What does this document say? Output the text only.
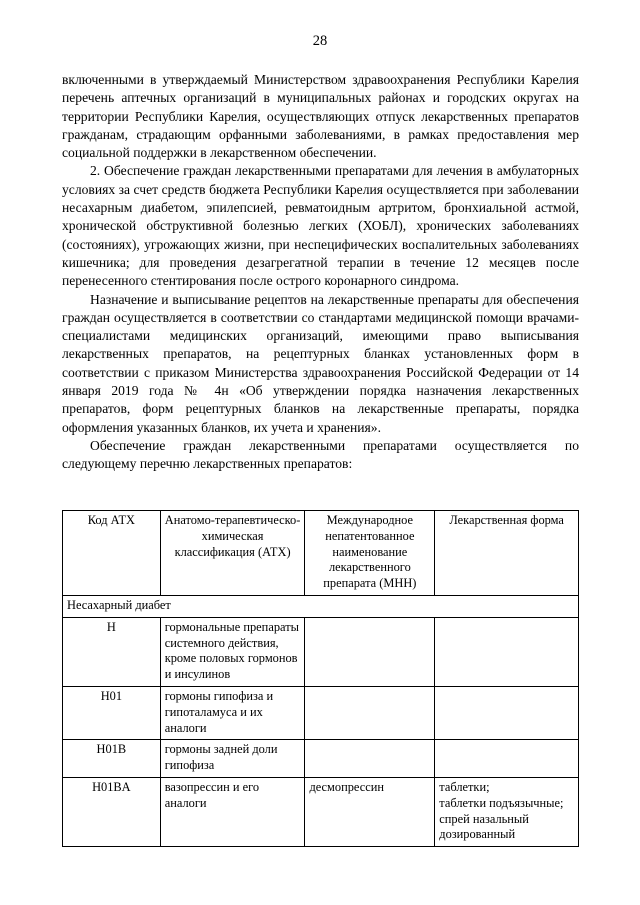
28

включенными в утверждаемый Министерством здравоохранения Республики Карелия перечень аптечных организаций в муниципальных районах и городских округах на территории Республики Карелия, осуществляющих отпуск лекарственных препаратов гражданам, страдающим орфанными заболеваниями, в рамках предоставления мер социальной поддержки в лекарственном обеспечении.

2. Обеспечение граждан лекарственными препаратами для лечения в амбулаторных условиях за счет средств бюджета Республики Карелия осуществляется при заболевании несахарным диабетом, эпилепсией, ревматоидным артритом, бронхиальной астмой, хронической обструктивной болезнью легких (ХОБЛ), хронических заболеваниях (состояниях), угрожающих жизни, при неспецифических воспалительных заболеваниях кишечника; для проведения дезагрегатной терапии в течение 12 месяцев после перенесенного стентирования после острого коронарного синдрома.

Назначение и выписывание рецептов на лекарственные препараты для обеспечения граждан осуществляется в соответствии со стандартами медицинской помощи врачами-специалистами медицинских организаций, имеющими право выписывания лекарственных препаратов, на рецептурных бланках установленных форм в соответствии с приказом Министерства здравоохранения Российской Федерации от 14 января 2019 года № 4н «Об утверждении порядка назначения лекарственных препаратов, форм рецептурных бланков на лекарственные препараты, порядка оформления указанных бланков, их учета и хранения».

Обеспечение граждан лекарственными препаратами осуществляется по следующему перечню лекарственных препаратов:

Код АТХ	Анатомо-терапевтическо-химическая классификация (АТХ)	Международное непатентованное наименование лекарственного препарата (МНН)	Лекарственная форма
Несахарный диабет			
H	гормональные препараты системного действия, кроме половых гормонов и инсулинов		
H01	гормоны гипофиза и гипоталамуса и их аналоги		
H01B	гормоны задней доли гипофиза		
H01BA	вазопрессин и его аналоги	десмопрессин	таблетки;
таблетки подъязычные;
спрей назальный дозированный
